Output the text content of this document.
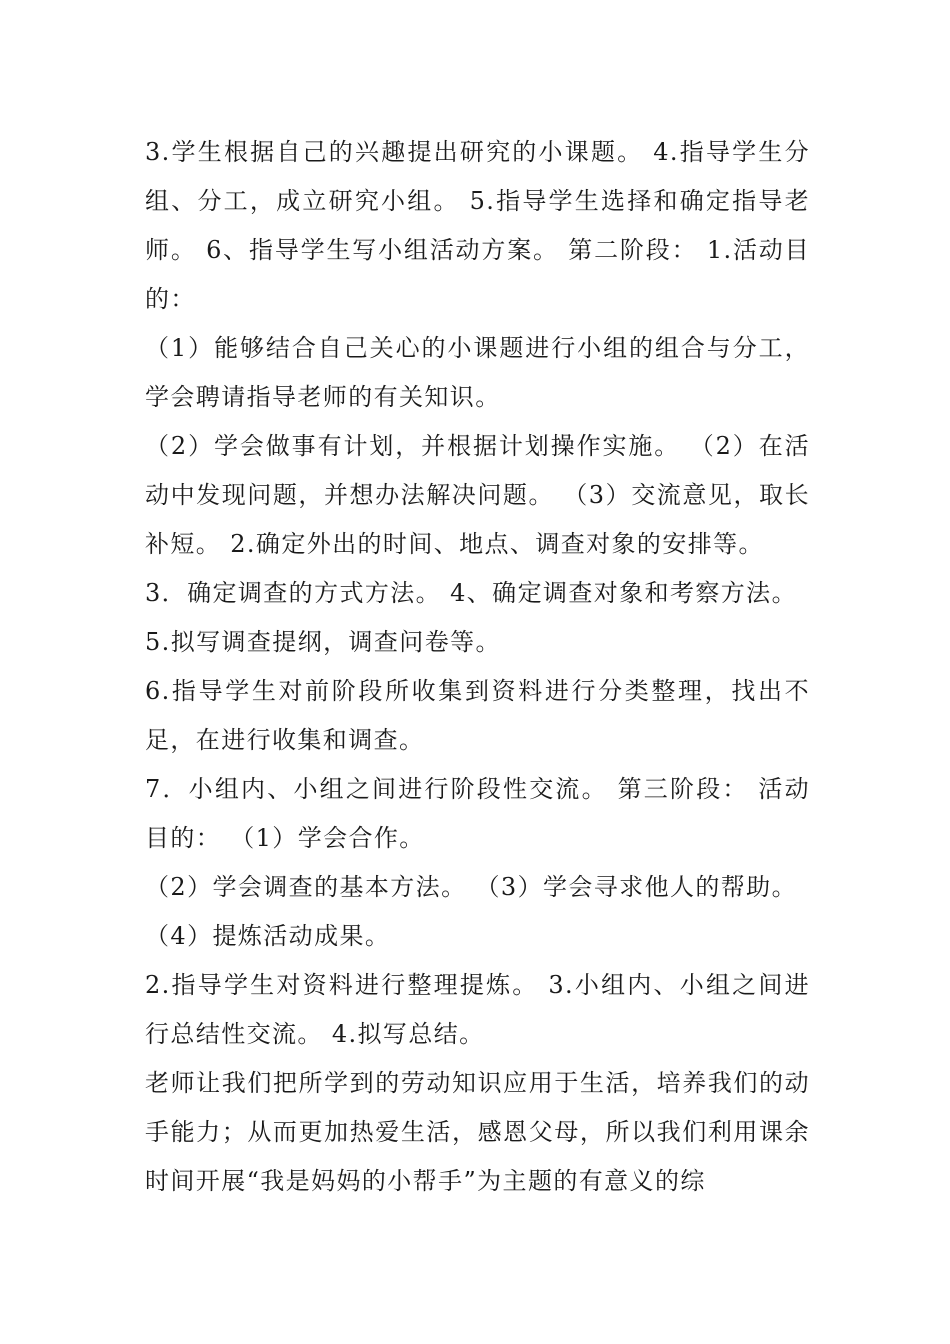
3.学生根据自己的兴趣提出研究的小课题。 4.指导学生分组、分工，成立研究小组。 5.指导学生选择和确定指导老师。 6、指导学生写小组活动方案。 第二阶段： 1.活动目的：

（1）能够结合自己关心的小课题进行小组的组合与分工，学会聘请指导老师的有关知识。

（2）学会做事有计划，并根据计划操作实施。 （2）在活动中发现问题，并想办法解决问题。 （3）交流意见，取长补短。 2.确定外出的时间、地点、调查对象的安排等。

3．确定调查的方式方法。 4、确定调查对象和考察方法。

5.拟写调查提纲，调查问卷等。

6.指导学生对前阶段所收集到资料进行分类整理，找出不足，在进行收集和调查。

7．小组内、小组之间进行阶段性交流。 第三阶段： 活动目的： （1）学会合作。

（2）学会调查的基本方法。 （3）学会寻求他人的帮助。

（4）提炼活动成果。

2.指导学生对资料进行整理提炼。 3.小组内、小组之间进行总结性交流。 4.拟写总结。

老师让我们把所学到的劳动知识应用于生活，培养我们的动手能力；从而更加热爱生活，感恩父母，所以我们利用课余时间开展“我是妈妈的小帮手”为主题的有意义的综
